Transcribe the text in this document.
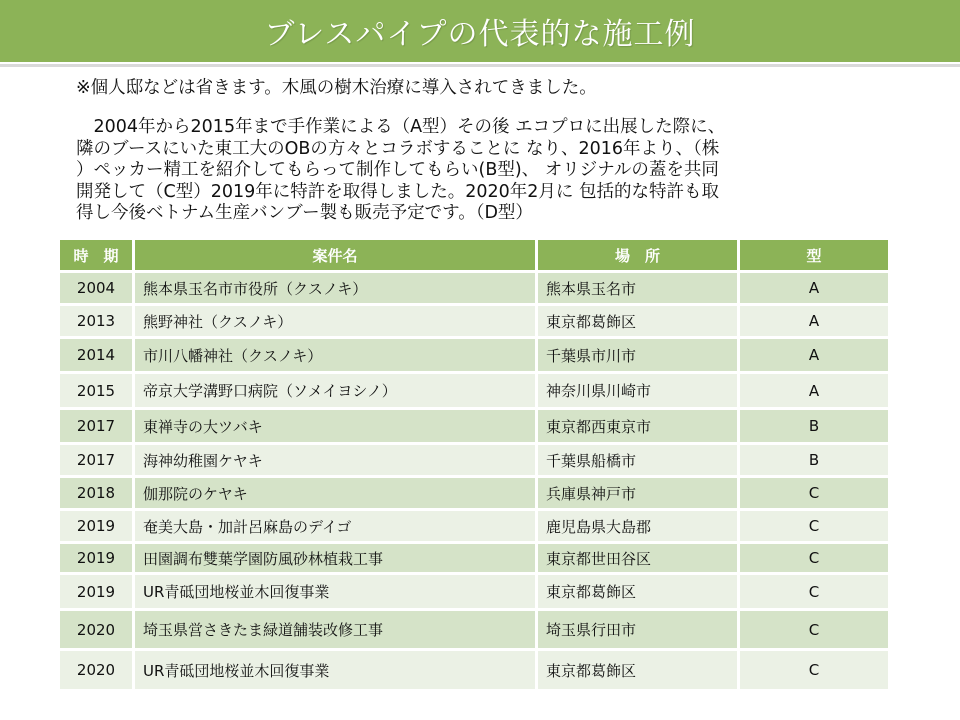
ブレスパイプの代表的な施工例
※個人邸などは省きます。木風の樹木治療に導入されてきました。

　2004年から2015年まで手作業による（A型）その後 エコプロに出展した際に、

隣のブースにいた東工大のOBの方々とコラボすることに なり、2016年より、（株

）ペッカー精工を紹介してもらって制作してもらい(B型)、 オリジナルの蓋を共同

開発して（C型）2019年に特許を取得しました。2020年2月に 包括的な特許も取

得し今後ベトナム生産バンブー製も販売予定です。（D型）

時　期	案件名	場　所	型
2004	熊本県玉名市市役所（クスノキ）	熊本県玉名市	A
2013	熊野神社（クスノキ）	東京都葛飾区	A
2014	市川八幡神社（クスノキ）	千葉県市川市	A
2015	帝京大学溝野口病院（ソメイヨシノ）	神奈川県川崎市	A
2017	東禅寺の大ツバキ	東京都西東京市	B
2017	海神幼稚園ケヤキ	千葉県船橋市	B
2018	伽那院のケヤキ	兵庫県神戸市	C
2019	奄美大島・加計呂麻島のデイゴ	鹿児島県大島郡	C
2019	田園調布雙葉学園防風砂林植栽工事	東京都世田谷区	C
2019	UR青砥団地桜並木回復事業	東京都葛飾区	C
2020	埼玉県営さきたま緑道舗装改修工事	埼玉県行田市	C
2020	UR青砥団地桜並木回復事業	東京都葛飾区	C
